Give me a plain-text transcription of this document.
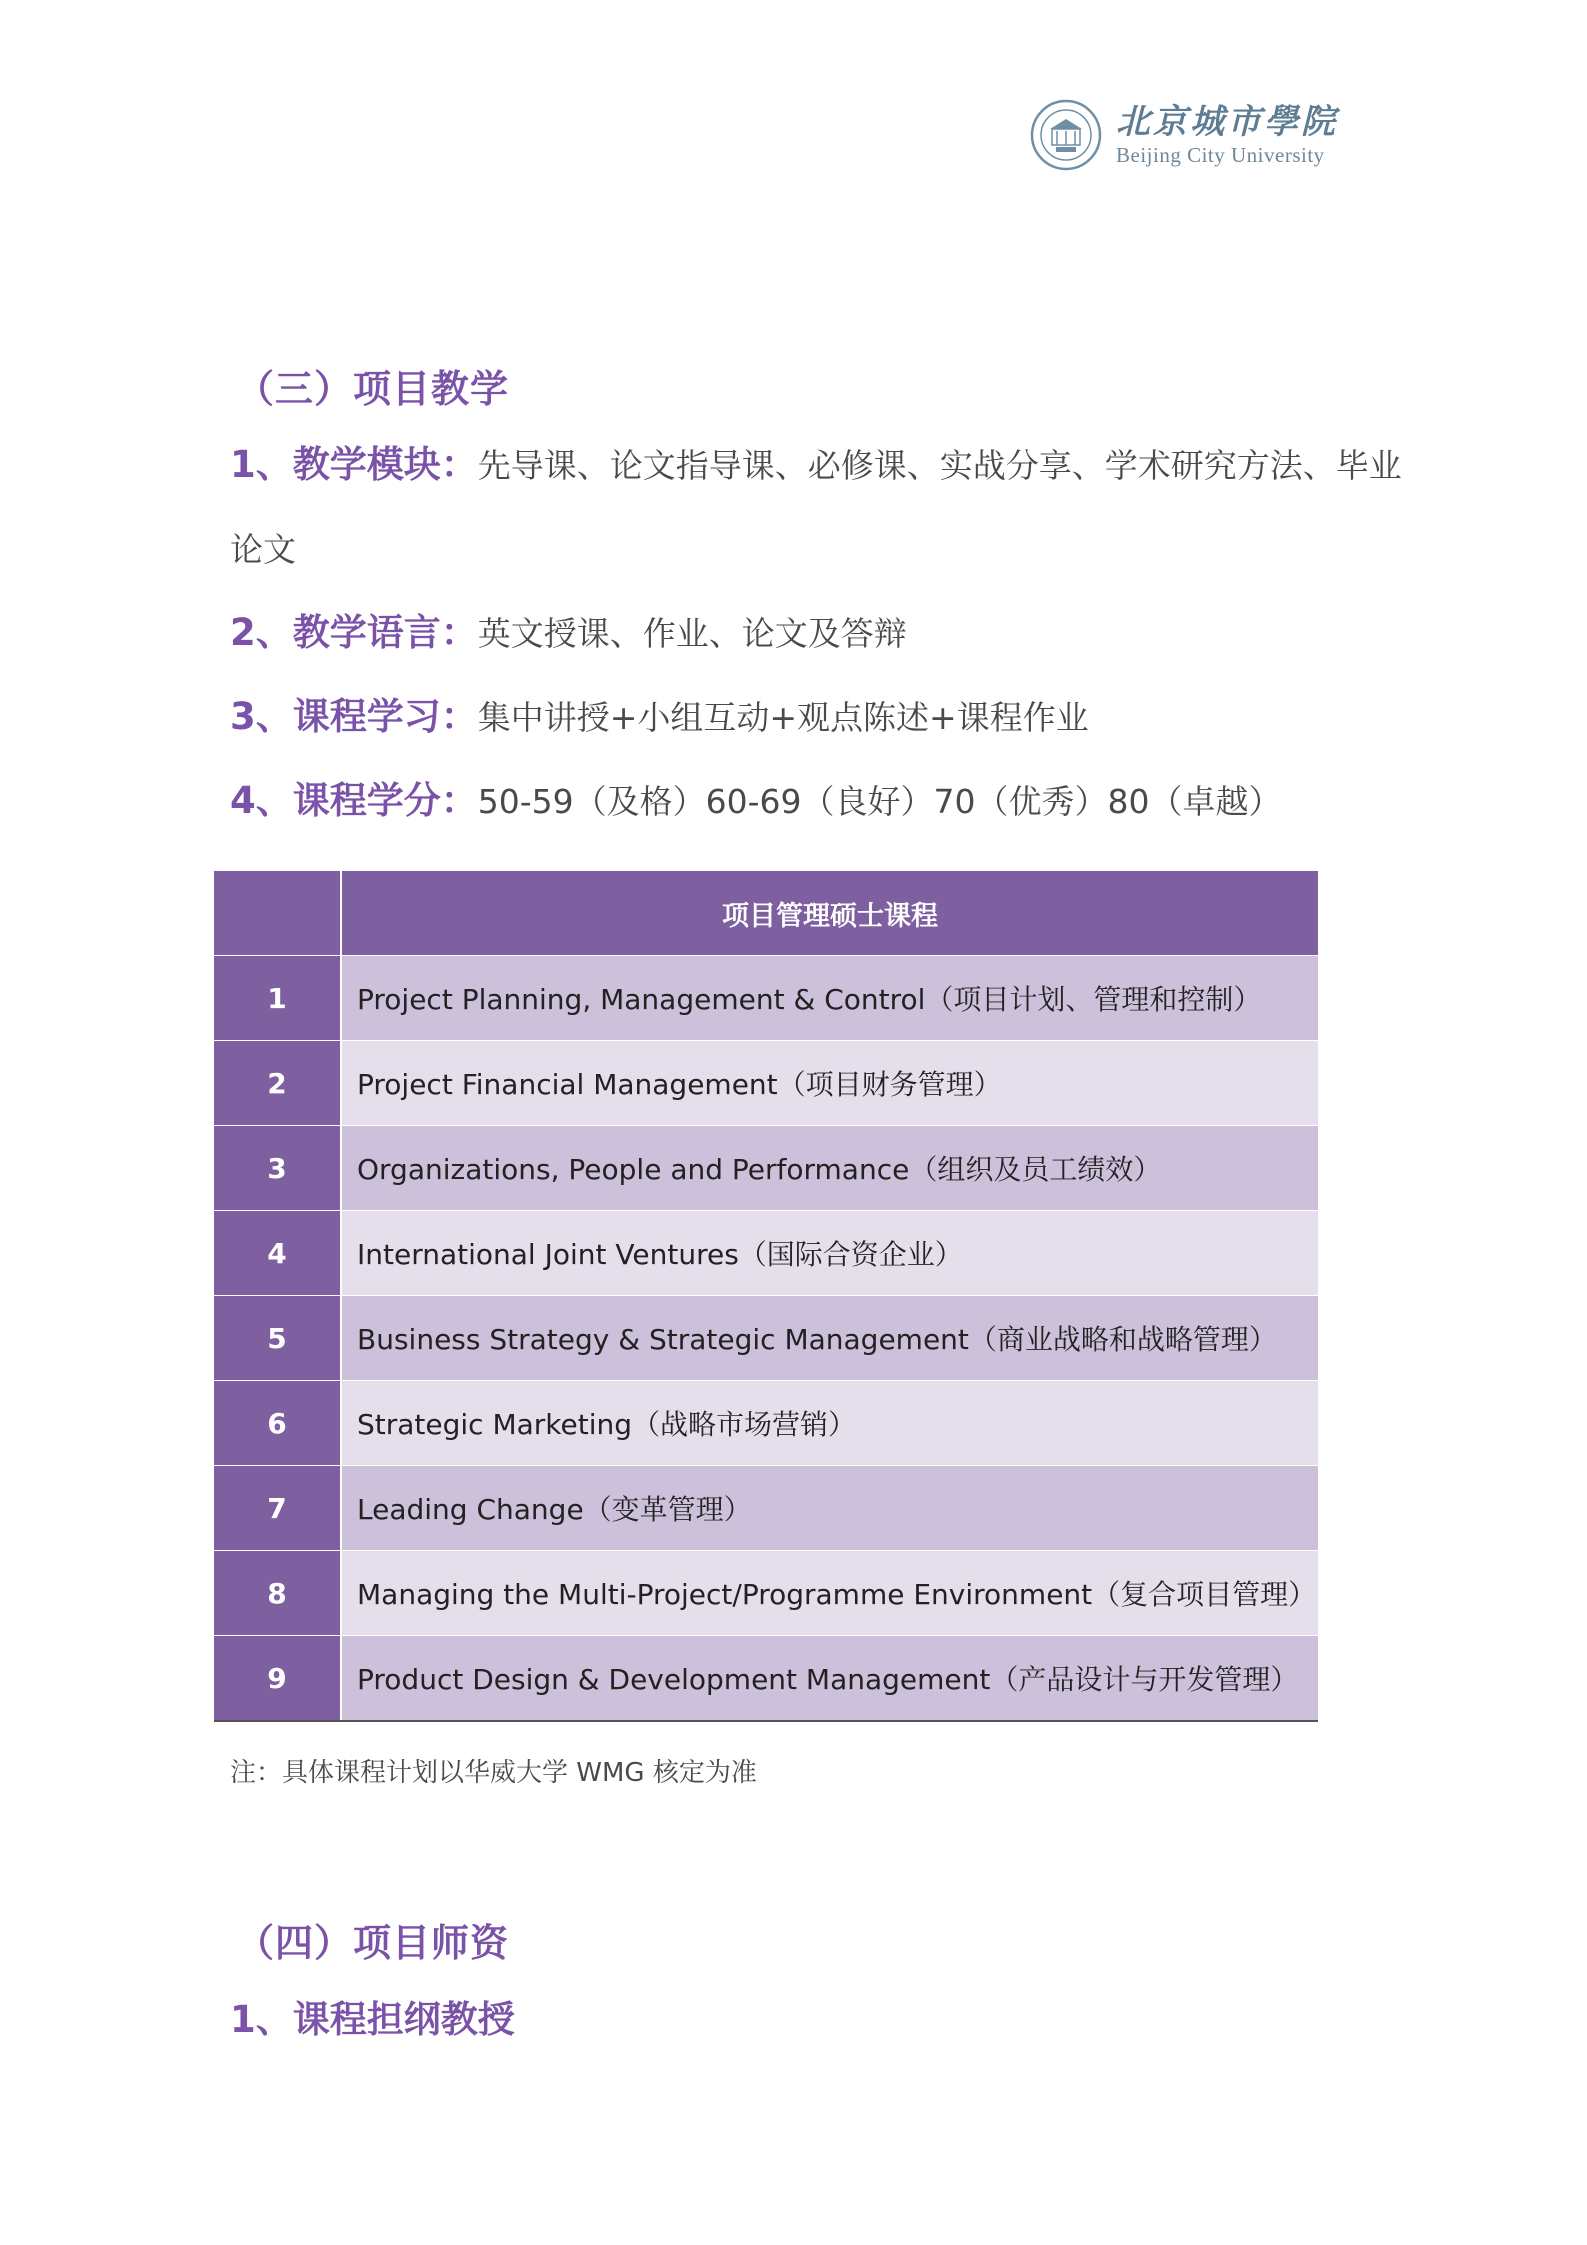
北京城市學院
Beijing City University
（三）项目教学
1、教学模块：先导课、论文指导课、必修课、实战分享、学术研究方法、毕业
论文
2、教学语言：英文授课、作业、论文及答辩
3、课程学习：集中讲授+小组互动+观点陈述+课程作业
4、课程学分：50-59（及格）60-69（良好）70（优秀）80（卓越）
	项目管理硕士课程
1	Project Planning, Management & Control（项目计划、管理和控制）
2	Project Financial Management（项目财务管理）
3	Organizations, People and Performance（组织及员工绩效）
4	International Joint Ventures（国际合资企业）
5	Business Strategy & Strategic Management（商业战略和战略管理）
6	Strategic Marketing（战略市场营销）
7	Leading Change（变革管理）
8	Managing the Multi-Project/Programme Environment（复合项目管理）
9	Product Design & Development Management（产品设计与开发管理）
注：具体课程计划以华威大学 WMG 核定为准
（四）项目师资
1、课程担纲教授
